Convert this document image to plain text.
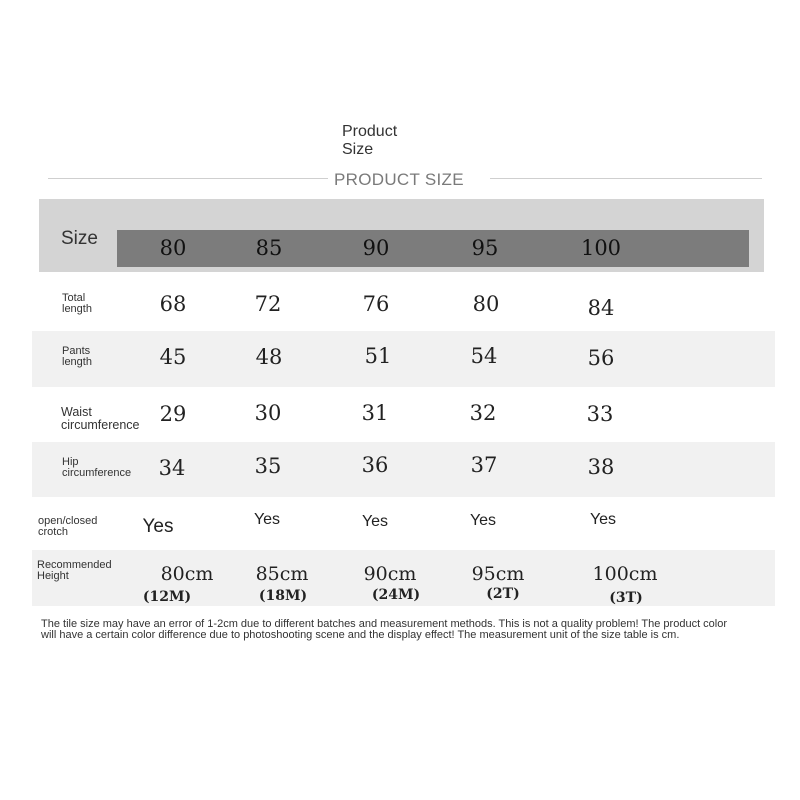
Product
Size
PRODUCT SIZE
Size	80	85	90	95	100
Total
length	68	72	76	80	84
Pants
length	45	48	51	54	56
Waist
circumference 29	30	31	32	33
Hip
circumference 34	35	36	37	38
open/closed
crotch	Yes	Yes	Yes	Yes	Yes
Recommended
Height	80cm 85cm	90cm	95cm	100cm
(12M)	(18M)	(24M)	(2T)	(3T)
The tile size may have an error of 1-2cm due to different batches and measurement methods. This is not a quality problem! The product color will have a certain color difference due to photoshooting scene and the display effect! The measurement unit of the size table is cm.
